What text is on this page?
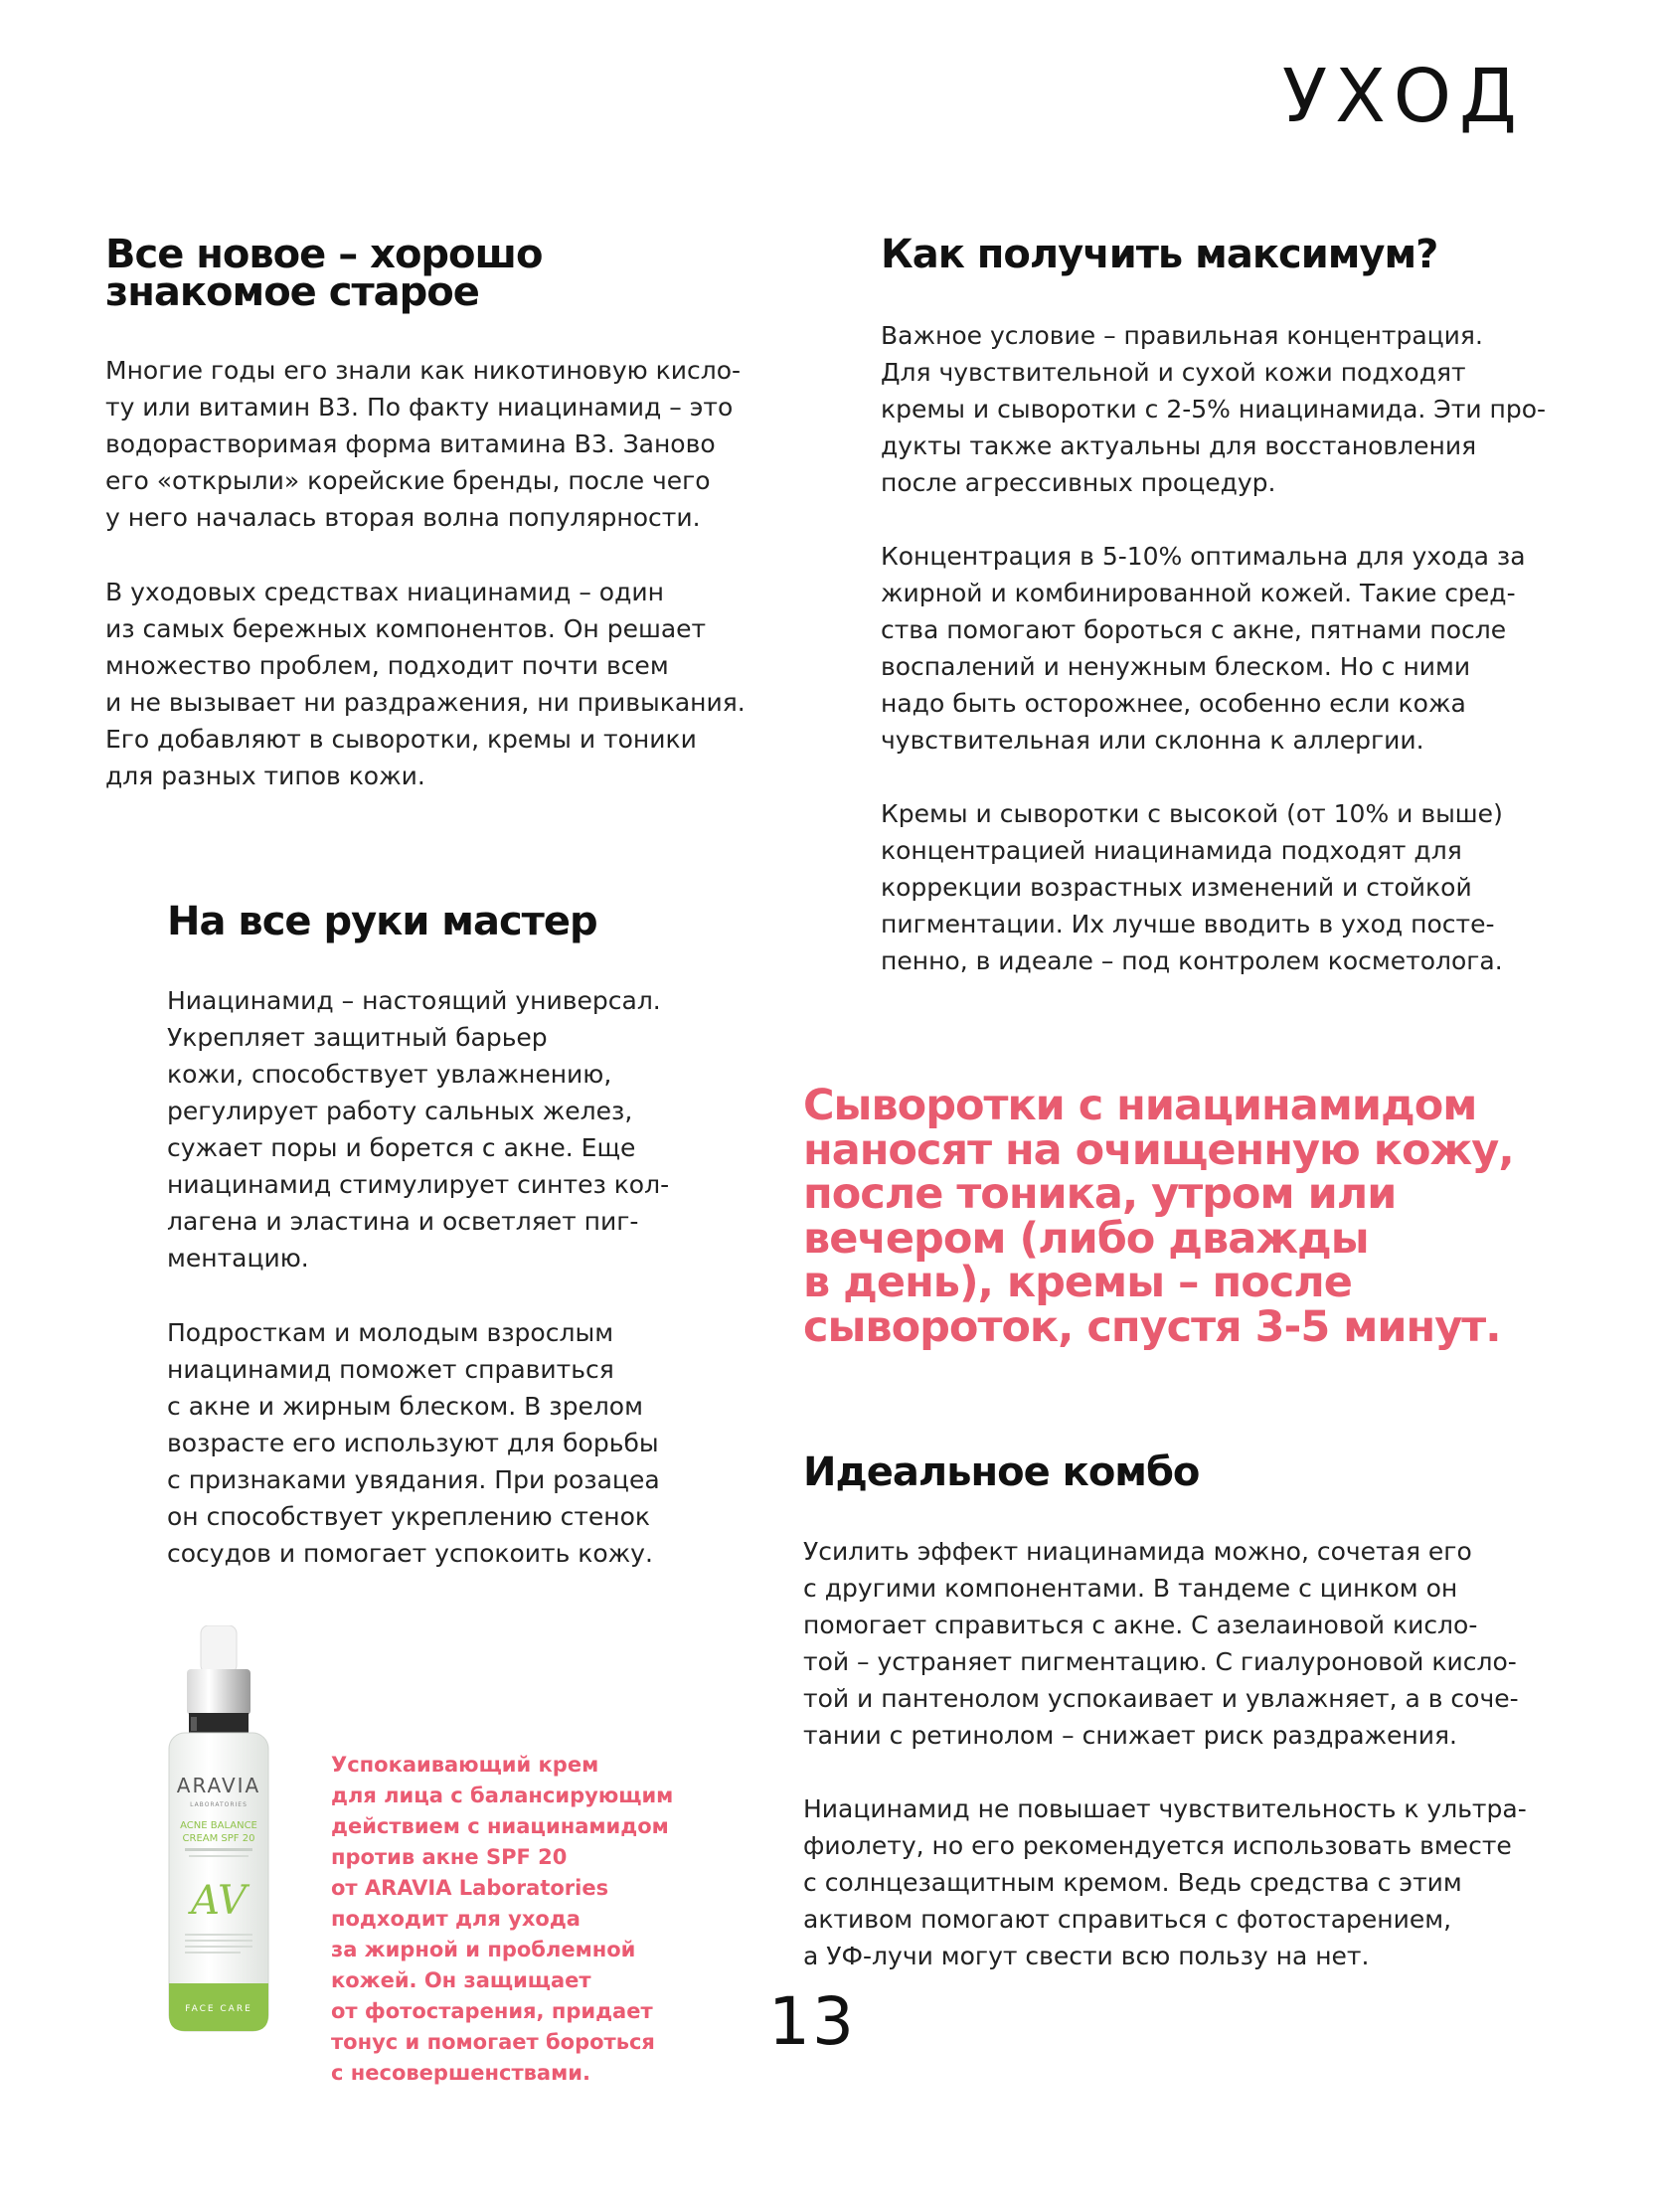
УХОД
Все новое – хорошо
знакомое старое
Многие годы его знали как никотиновую кисло-
ту или витамин В3. По факту ниацинамид – это
водорастворимая форма витамина В3. Заново
его «открыли» корейские бренды, после чего
у него началась вторая волна популярности.
В уходовых средствах ниацинамид – один
из самых бережных компонентов. Он решает
множество проблем, подходит почти всем
и не вызывает ни раздражения, ни привыкания.
Его добавляют в сыворотки, кремы и тоники
для разных типов кожи.
На все руки мастер
Ниацинамид – настоящий универсал.
Укрепляет защитный барьер
кожи, способствует увлажнению,
регулирует работу сальных желез,
сужает поры и борется с акне. Еще
ниацинамид стимулирует синтез кол-
лагена и эластина и осветляет пиг-
ментацию.
Подросткам и молодым взрослым
ниацинамид поможет справиться
с акне и жирным блеском. В зрелом
возрасте его используют для борьбы
с признаками увядания. При розацеа
он способствует укреплению стенок
сосудов и помогает успокоить кожу.
ARAVIA
LABORATORIES
ACNE BALANCE
CREAM SPF 20
AV
FACE CARE
Успокаивающий крем
для лица с балансирующим
действием с ниацинамидом
против акне SPF 20
от ARAVIA Laboratories
подходит для ухода
за жирной и проблемной
кожей. Он защищает
от фотостарения, придает
тонус и помогает бороться
с несовершенствами.
Как получить максимум?
Важное условие – правильная концентрация.
Для чувствительной и сухой кожи подходят
кремы и сыворотки с 2-5% ниацинамида. Эти про-
дукты также актуальны для восстановления
после агрессивных процедур.
Концентрация в 5-10% оптимальна для ухода за
жирной и комбинированной кожей. Такие сред-
ства помогают бороться с акне, пятнами после
воспалений и ненужным блеском. Но с ними
надо быть осторожнее, особенно если кожа
чувствительная или склонна к аллергии.
Кремы и сыворотки с высокой (от 10% и выше)
концентрацией ниацинамида подходят для
коррекции возрастных изменений и стойкой
пигментации. Их лучше вводить в уход посте-
пенно, в идеале – под контролем косметолога.
Сыворотки с ниацинамидом
наносят на очищенную кожу,
после тоника, утром или
вечером (либо дважды
в день), кремы – после
сывороток, спустя 3-5 минут.
Идеальное комбо
Усилить эффект ниацинамида можно, сочетая его
с другими компонентами. В тандеме с цинком он
помогает справиться с акне. С азелаиновой кисло-
той – устраняет пигментацию. С гиалуроновой кисло-
той и пантенолом успокаивает и увлажняет, а в соче-
тании с ретинолом – снижает риск раздражения.
Ниацинамид не повышает чувствительность к ультра-
фиолету, но его рекомендуется использовать вместе
с солнцезащитным кремом. Ведь средства с этим
активом помогают справиться с фотостарением,
а УФ-лучи могут свести всю пользу на нет.
13
